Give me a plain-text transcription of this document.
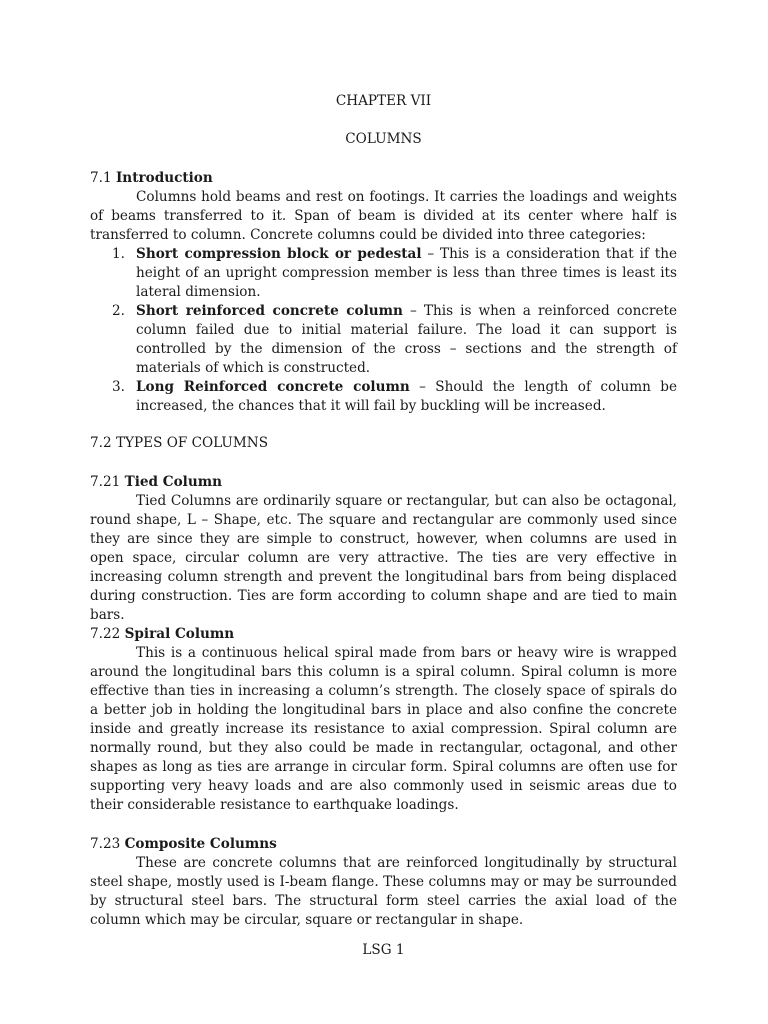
CHAPTER VII
COLUMNS
7.1 Introduction
Columns hold beams and rest on footings. It carries the loadings and weights of beams transferred to it. Span of beam is divided at its center where half is transferred to column. Concrete columns could be divided into three categories:
1. Short compression block or pedestal – This is a consideration that if the height of an upright compression member is less than three times is least its lateral dimension.
2. Short reinforced concrete column – This is when a reinforced concrete column failed due to initial material failure. The load it can support is controlled by the dimension of the cross – sections and the strength of materials of which is constructed.
3. Long Reinforced concrete column – Should the length of column be increased, the chances that it will fail by buckling will be increased.
7.2 TYPES OF COLUMNS
7.21 Tied Column
Tied Columns are ordinarily square or rectangular, but can also be octagonal, round shape, L – Shape, etc. The square and rectangular are commonly used since they are since they are simple to construct, however, when columns are used in open space, circular column are very attractive. The ties are very effective in increasing column strength and prevent the longitudinal bars from being displaced during construction. Ties are form according to column shape and are tied to main bars.
7.22 Spiral Column
This is a continuous helical spiral made from bars or heavy wire is wrapped around the longitudinal bars this column is a spiral column. Spiral column is more effective than ties in increasing a column’s strength. The closely space of spirals do a better job in holding the longitudinal bars in place and also confine the concrete inside and greatly increase its resistance to axial compression. Spiral column are normally round, but they also could be made in rectangular, octagonal, and other shapes as long as ties are arrange in circular form. Spiral columns are often use for supporting very heavy loads and are also commonly used in seismic areas due to their considerable resistance to earthquake loadings.
7.23 Composite Columns
These are concrete columns that are reinforced longitudinally by structural steel shape, mostly used is I-beam flange. These columns may or may be surrounded by structural steel bars. The structural form steel carries the axial load of the column which may be circular, square or rectangular in shape.
LSG 1
